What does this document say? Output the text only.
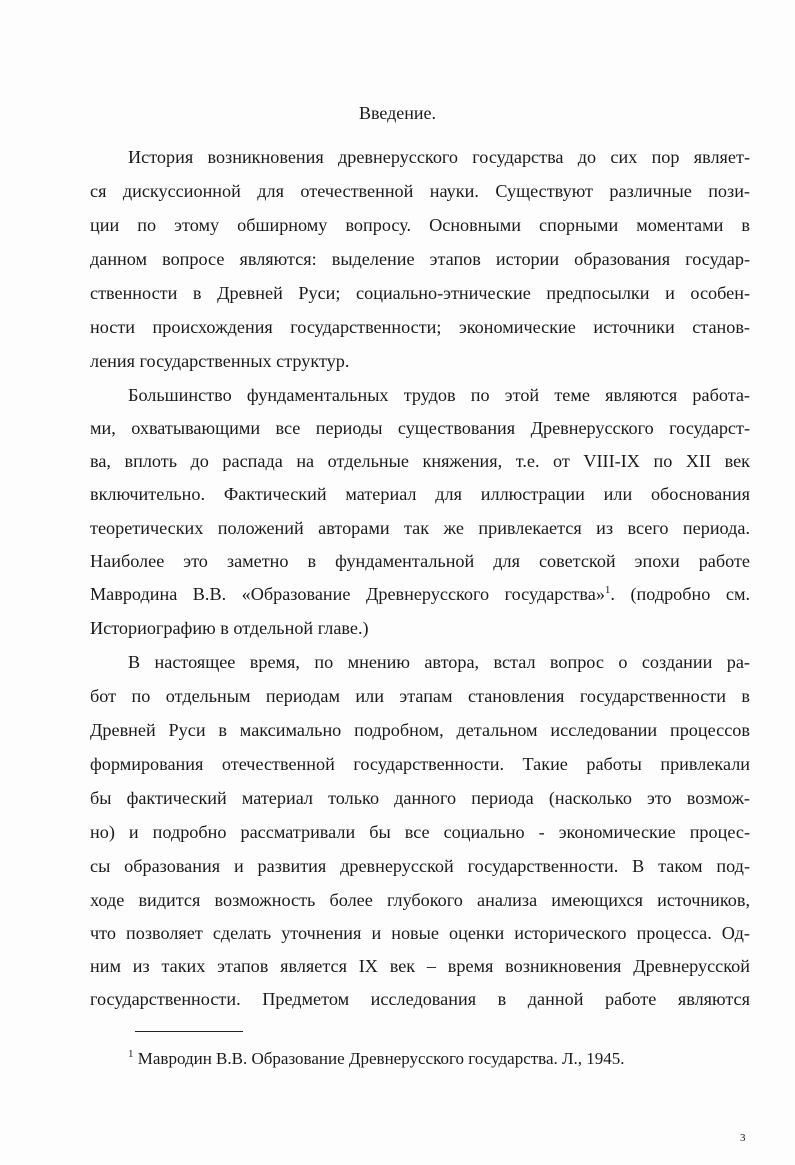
Введение.
История возникновения древнерусского государства до сих пор являет-
ся дискуссионной для отечественной науки. Существуют различные пози-
ции по этому обширному вопросу. Основными спорными моментами в
данном вопросе являются: выделение этапов истории образования государ-
ственности в Древней Руси; социально-этнические предпосылки и особен-
ности происхождения государственности; экономические источники станов-
ления государственных структур.
Большинство фундаментальных трудов по этой теме являются работа-
ми, охватывающими все периоды существования Древнерусского государст-
ва, вплоть до распада на отдельные княжения, т.е. от VIII-IX по XII век
включительно. Фактический материал для иллюстрации или обоснования
теоретических положений авторами так же привлекается из всего периода.
Наиболее это заметно в фундаментальной для советской эпохи работе
Мавродина В.В. «Образование Древнерусского государства»$^1$. (подробно см.
Историографию в отдельной главе.)
В настоящее время, по мнению автора, встал вопрос о создании ра-
бот по отдельным периодам или этапам становления государственности в
Древней Руси в максимально подробном, детальном исследовании процессов
формирования отечественной государственности. Такие работы привлекали
бы фактический материал только данного периода (насколько это возмож-
но) и подробно рассматривали бы все социально - экономические процес-
сы образования и развития древнерусской государственности. В таком под-
ходе видится возможность более глубокого анализа имеющихся источников,
что позволяет сделать уточнения и новые оценки исторического процесса. Од-
ним из таких этапов является IX век – время возникновения Древнерусской
государственности. Предметом исследования в данной работе являются
$^1$ Мавродин В.В. Образование Древнерусского государства. Л., 1945.
3
